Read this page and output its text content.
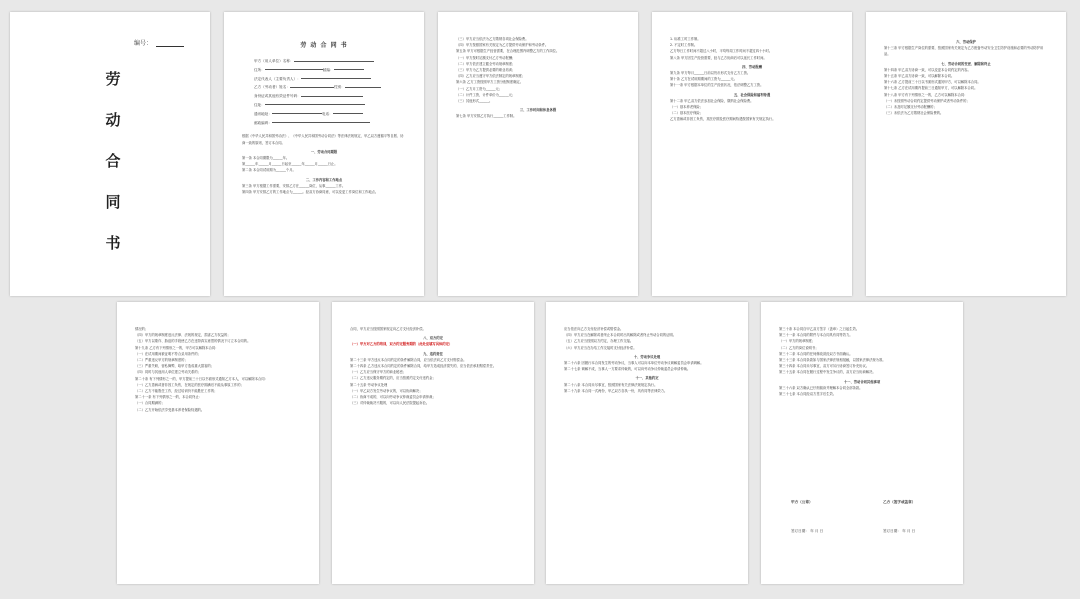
编号：
劳
动
合
同
书
劳 动 合 同 书
甲方（用人单位）名称：
住所：	邮编：
法定代表人（主要负责人）：
乙方（劳动者）姓名：	性别：
身份证或其他有效证件号码：
住址：
通讯地址：	电话：
邮政编码：
根据《中华人民共和国劳动法》、《中华人民共和国劳动合同法》等法律法规规定，甲乙双方遵循平等自愿、协商一致的原则，签订本合同。
一、劳动合同期限
第一条 本合同期限为______年。
第______年______月______日起至______年______月______日止。
第二条 本合同试用期为______个月。
二、工作内容和工作地点
第三条 甲方根据工作需要，安排乙方在______岗位，从事______工作。
第四条 甲方安排乙方的工作地点为______。经双方协商同意，可以变更工作岗位和工作地点。
（三）甲方应当依法为乙方缴纳各项社会保险费。
（四）甲方按照国家有关规定为乙方提供劳动保护和劳动条件。
第五条 甲方可根据生产经营需要，在合理范围内调整乙方的工作岗位。
（一）甲方按时足额支付乙方劳动报酬；
（二）甲方依法建立健全劳动规章制度；
（三）甲方为乙方提供必要的职业培训；
（四）乙方应当遵守甲方依法制定的规章制度；
第六条 乙方工资按照甲方工资分配制度确定。
（一）乙方月工资为______元；
（二）计件工资，计件单价为______元；
（三）其他形式______。
三、工作时间和休息休假
第七条 甲方安排乙方执行______工作制。
1. 标准工时工作制。
2. 不定时工作制。
乙方每日工作时间不超过八小时，平均每周工作时间不超过四十小时。
第八条 甲方因生产经营需要，经与乙方协商后可以延长工作时间。
四、劳动报酬
第九条 甲方每月______日前以货币形式支付乙方工资。
第十条 乙方在试用期期间的工资为______元。
第十一条 甲方根据本单位的生产经营状况，依法调整乙方工资。
五、社会保险和福利待遇
第十二条 甲乙双方依法参加社会保险，缴纳社会保险费。
（一）基本养老保险；
（二）基本医疗保险；
乙方患病或非因工负伤，其医疗期及医疗期间待遇按国家有关规定执行。
六、劳动保护
第十三条 甲方根据生产岗位的需要，按照国家有关规定为乙方配备劳动安全卫生防护设施和必要的劳动防护用品。
七、劳动合同的变更、解除和终止
第十四条 甲乙双方协商一致，可以变更本合同约定的内容。
第十五条 甲乙双方协商一致，可以解除本合同。
第十六条 乙方提前三十日以书面形式通知甲方，可以解除本合同。
第十七条 乙方在试用期内提前三日通知甲方，可以解除本合同。
第十八条 甲方有下列情形之一的，乙方可以解除本合同：
（一）未按照劳动合同约定提供劳动保护或者劳动条件的；
（二）未及时足额支付劳动报酬的；
（三）未依法为乙方缴纳社会保险费的。
情况的；
（四）甲方的规章制度违反法律、法规的规定，损害乙方权益的；
（五）甲方以欺诈、胁迫的手段使乙方在违背真实意思的情况下订立本合同的。
第十九条 乙方有下列情形之一的，甲方可以解除本合同：
（一）在试用期间被证明不符合录用条件的；
（二）严重违反甲方的规章制度的；
（三）严重失职，营私舞弊，给甲方造成重大损害的；
（四）同时与其他用人单位建立劳动关系的；
第二十条 有下列情形之一的，甲方提前三十日以书面形式通知乙方本人，可以解除本合同：
（一）乙方患病或者非因工负伤，在规定的医疗期满后不能从事原工作的；
（二）乙方不能胜任工作，经过培训仍不能胜任工作的；
第二十一条 有下列情形之一的，本合同终止：
（一）合同期满的；
（二）乙方开始依法享受基本养老保险待遇的。
合同，甲方应当按照国家规定向乙方支付经济补偿。
八、双方约定
（一）甲方对乙方的培训，双方约定服务期的（此处应填写具体约定）
九、违约责任
第二十三条 甲方违反本合同约定的条件解除合同，应当依法向乙方支付赔偿金。
第二十四条 乙方违反本合同约定的条件解除合同，给甲方造成经济损失的，应当依法承担赔偿责任。
（一）乙方应当保守甲方的商业秘密；
（二）乙方违反服务期约定的，应当按照约定支付违约金；
第二十五条 劳动争议处理
（一）甲乙双方发生劳动争议的，可以协商解决；
（二）协商不成的，可以向劳动争议仲裁委员会申请仲裁；
（三）对仲裁裁决不服的，可以向人民法院提起诉讼。
应当依法向乙方支付经济补偿或赔偿金。
（四）甲方应当在解除或者终止本合同时出具解除或者终止劳动合同的证明。
（五）乙方应当按照双方约定，办理工作交接。
（六）甲方应当在办结工作交接时支付经济补偿。
十、劳动争议处理
第二十六条 因履行本合同发生的劳动争议，当事人可以向本单位劳动争议调解委员会申请调解。
第二十七条 调解不成，当事人一方要求仲裁的，可以向劳动争议仲裁委员会申请仲裁。
十一、其他约定
第二十八条 本合同未尽事宜，按照国家有关法律法规规定执行。
第二十九条 本合同一式两份，甲乙双方各执一份，具有同等法律效力。
第三十条 本合同自甲乙双方签字（盖章）之日起生效。
第三十一条 本合同的附件与本合同具有同等效力。
（一）甲方的规章制度；
（二）乙方的岗位说明书；
第三十二条 本合同的任何修改须经双方书面确认。
第三十三条 本合同条款如与国家法律法规相抵触，以国家法律法规为准。
第三十四条 本合同未尽事宜，双方可另行协商签订补充协议。
第三十五条 本合同在履行过程中发生争议的，双方应当协商解决。
十一、劳动合同其他事项
第三十六条 双方确认已仔细阅读并理解本合同全部条款。
第三十七条 本合同经双方签字后生效。
甲方（公章）	乙方（签字或盖章）
签订日期： 年 月 日	签订日期： 年 月 日
